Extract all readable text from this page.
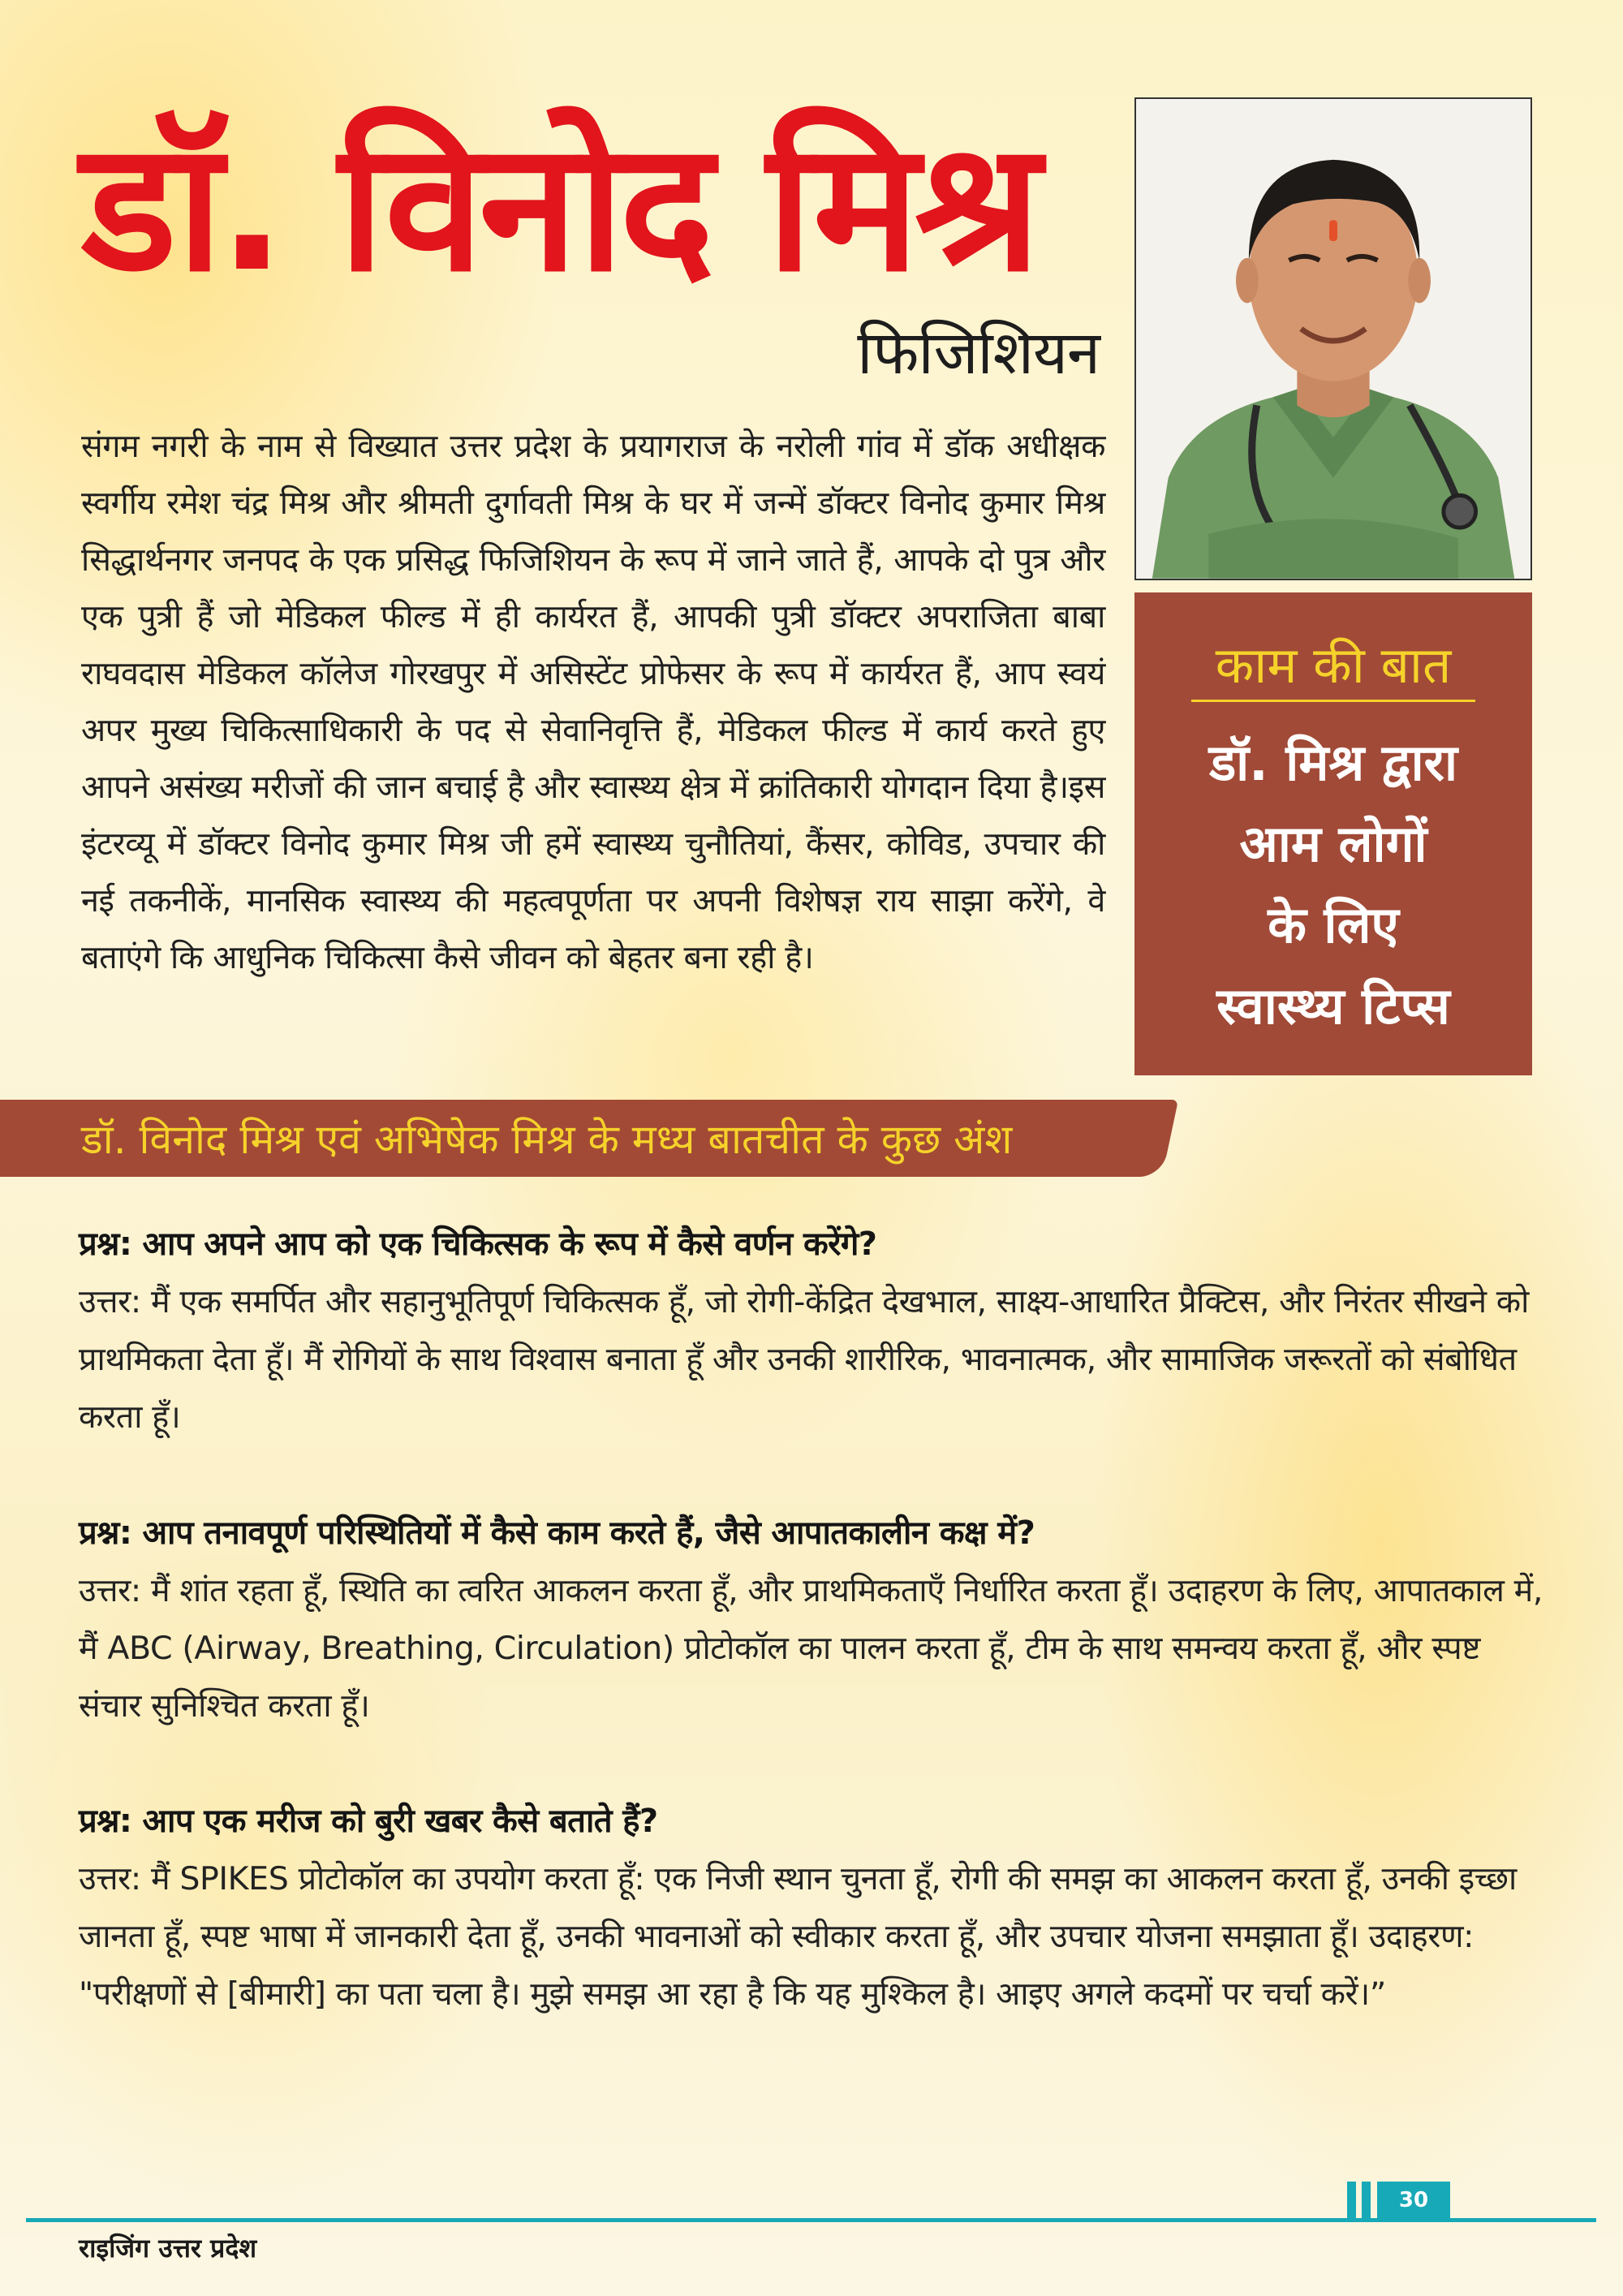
डॉ. विनोद मिश्र
फिजिशियन

संगम नगरी के नाम से विख्यात उत्तर प्रदेश के प्रयागराज के नरोली गांव में डॉक अधीक्षक स्वर्गीय रमेश चंद्र मिश्र और श्रीमती दुर्गावती मिश्र के घर में जन्में डॉक्टर विनोद कुमार मिश्र सिद्धार्थनगर जनपद के एक प्रसिद्ध फिजिशियन के रूप में जाने जाते हैं, आपके दो पुत्र और एक पुत्री हैं जो मेडिकल फील्ड में ही कार्यरत हैं, आपकी पुत्री डॉक्टर अपराजिता बाबा राघवदास मेडिकल कॉलेज गोरखपुर में असिस्टेंट प्रोफेसर के रूप में कार्यरत हैं, आप स्वयं अपर मुख्य चिकित्साधिकारी के पद से सेवानिवृत्ति हैं, मेडिकल फील्ड में कार्य करते हुए आपने असंख्य मरीजों की जान बचाई है और स्वास्थ्य क्षेत्र में क्रांतिकारी योगदान दिया है।इस इंटरव्यू में डॉक्टर विनोद कुमार मिश्र जी हमें स्वास्थ्य चुनौतियां, कैंसर, कोविड, उपचार की नई तकनीकें, मानसिक स्वास्थ्य की महत्वपूर्णता पर अपनी विशेषज्ञ राय साझा करेंगे, वे बताएंगे कि आधुनिक चिकित्सा कैसे जीवन को बेहतर बना रही है।

काम की बात
डॉ. मिश्र द्वारा
आम लोगों
के लिए
स्वास्थ्य टिप्स
डॉ. विनोद मिश्र एवं अभिषेक मिश्र के मध्य बातचीत के कुछ अंश

प्रश्न: आप अपने आप को एक चिकित्सक के रूप में कैसे वर्णन करेंगे?

उत्तर: मैं एक समर्पित और सहानुभूतिपूर्ण चिकित्सक हूँ, जो रोगी-केंद्रित देखभाल, साक्ष्य-आधारित प्रैक्टिस, और निरंतर सीखने को प्राथमिकता देता हूँ। मैं रोगियों के साथ विश्वास बनाता हूँ और उनकी शारीरिक, भावनात्मक, और सामाजिक जरूरतों को संबोधित करता हूँ।

प्रश्न: आप तनावपूर्ण परिस्थितियों में कैसे काम करते हैं, जैसे आपातकालीन कक्ष में?

उत्तर: मैं शांत रहता हूँ, स्थिति का त्वरित आकलन करता हूँ, और प्राथमिकताएँ निर्धारित करता हूँ। उदाहरण के लिए, आपातकाल में, मैं ABC (Airway, Breathing, Circulation) प्रोटोकॉल का पालन करता हूँ, टीम के साथ समन्वय करता हूँ, और स्पष्ट संचार सुनिश्चित करता हूँ।

प्रश्न: आप एक मरीज को बुरी खबर कैसे बताते हैं?

उत्तर: मैं SPIKES प्रोटोकॉल का उपयोग करता हूँ: एक निजी स्थान चुनता हूँ, रोगी की समझ का आकलन करता हूँ, उनकी इच्छा जानता हूँ, स्पष्ट भाषा में जानकारी देता हूँ, उनकी भावनाओं को स्वीकार करता हूँ, और उपचार योजना समझाता हूँ। उदाहरण: "परीक्षणों से [बीमारी] का पता चला है। मुझे समझ आ रहा है कि यह मुश्किल है। आइए अगले कदमों पर चर्चा करें।”

30
राइजिंग उत्तर प्रदेश
